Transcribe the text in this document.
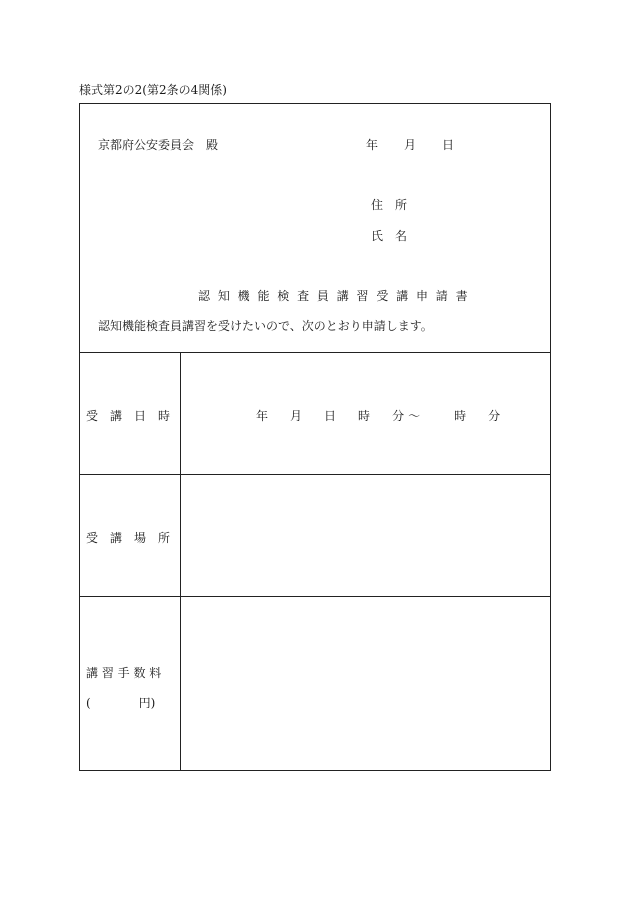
様式第2の2(第2条の4関係)
京都府公安委員会　殿	年 月 日
住　所
氏　名
認 知 機 能 検 査 員 講 習 受 講 申 請 書
認知機能検査員講習を受けたいので、次のとおり申請します。
受　講　日　時	年 月 日 時 分 〜	時 分
受　講　場　所
講 習 手 数 料
(　　　　円)
